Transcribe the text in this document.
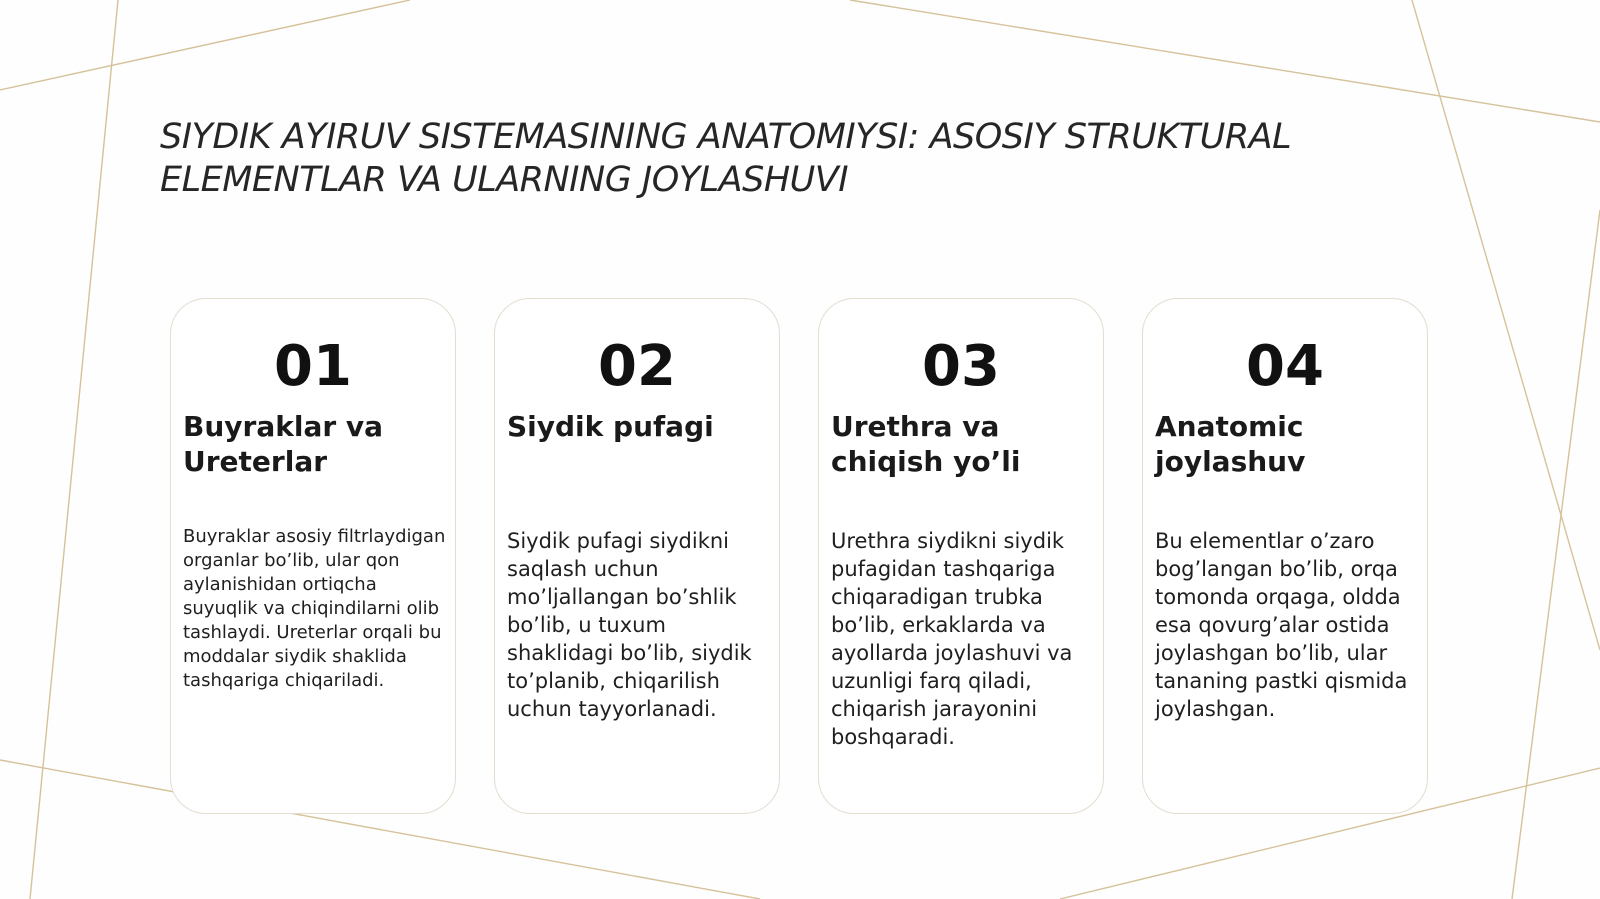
SIYDIK AYIRUV SISTEMASINING ANATOMIYSI: ASOSIY STRUKTURAL
ELEMENTLAR VA ULARNING JOYLASHUVI
01
Buyraklar va Ureterlar

Buyraklar asosiy filtrlaydigan organlar bo’lib, ular qon aylanishidan ortiqcha suyuqlik va chiqindilarni olib tashlaydi. Ureterlar orqali bu moddalar siydik shaklida tashqariga chiqariladi.

02
Siydik pufagi

Siydik pufagi siydikni saqlash uchun mo’ljallangan bo’shlik bo’lib, u tuxum shaklidagi bo’lib, siydik to’planib, chiqarilish uchun tayyorlanadi.

03
Urethra va chiqish yo’li

Urethra siydikni siydik pufagidan tashqariga chiqaradigan trubka bo’lib, erkaklarda va ayollarda joylashuvi va uzunligi farq qiladi, chiqarish jarayonini boshqaradi.

04
Anatomic joylashuv

Bu elementlar o’zaro bog’langan bo’lib, orqa tomonda orqaga, oldda esa qovurg’alar ostida joylashgan bo’lib, ular tananing pastki qismida joylashgan.
